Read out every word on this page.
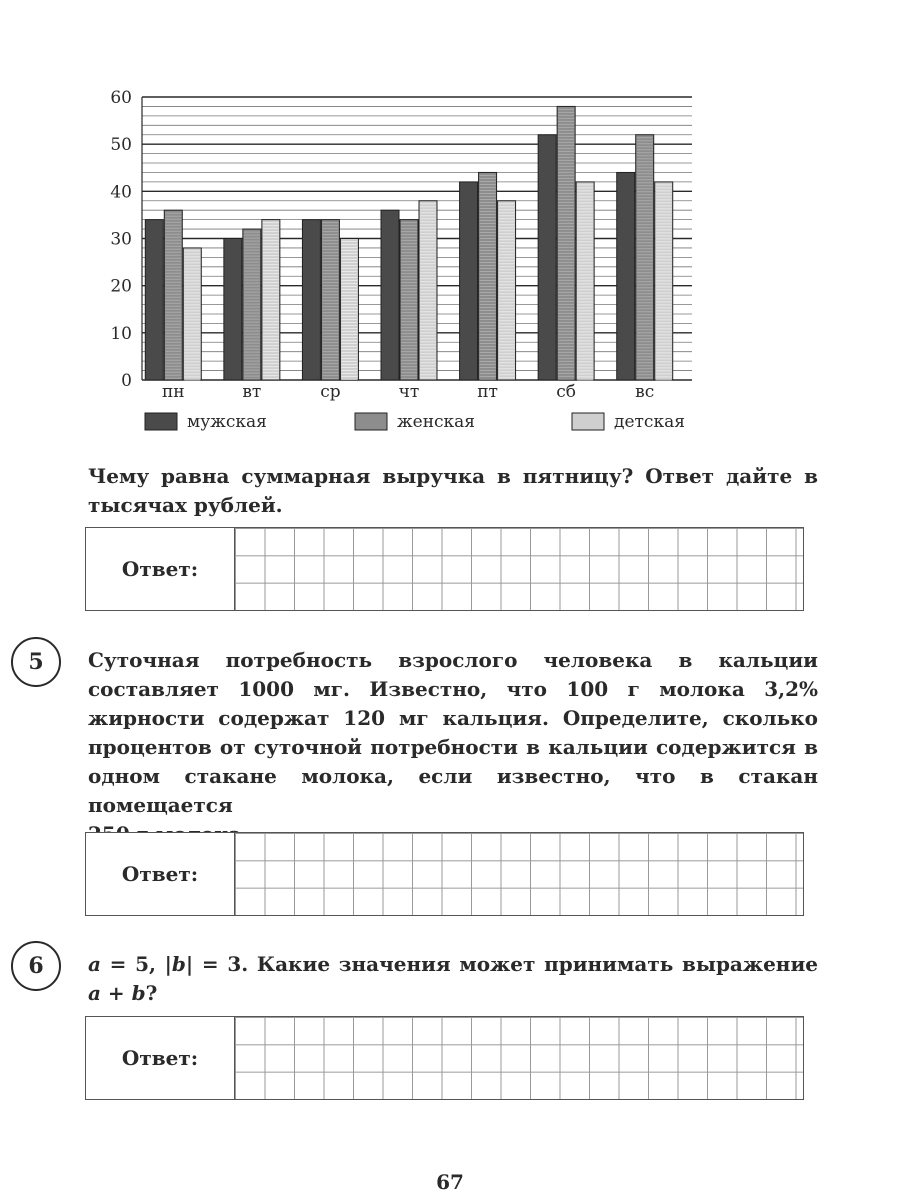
0
10
20
30
40
50
60
пн	вт	ср	чт	пт	сб	вс
мужская	женская	детская
Чему равна суммарная выручка в пятницу? Ответ дайте в тысячах рублей.
Ответ:
5	Суточная потребность взрослого человека в кальции составляет 1000 мг. Известно, что 100 г молока 3,2% жирности содержат 120 мг кальция. Определите, сколько процентов от суточной потребности в кальции содержится в одном стакане молока, если известно, что в стакан помещается
Ответ:
6	a = 5, |b| = 3. Какие значения может принимать выражение a + b?
Ответ:
67
